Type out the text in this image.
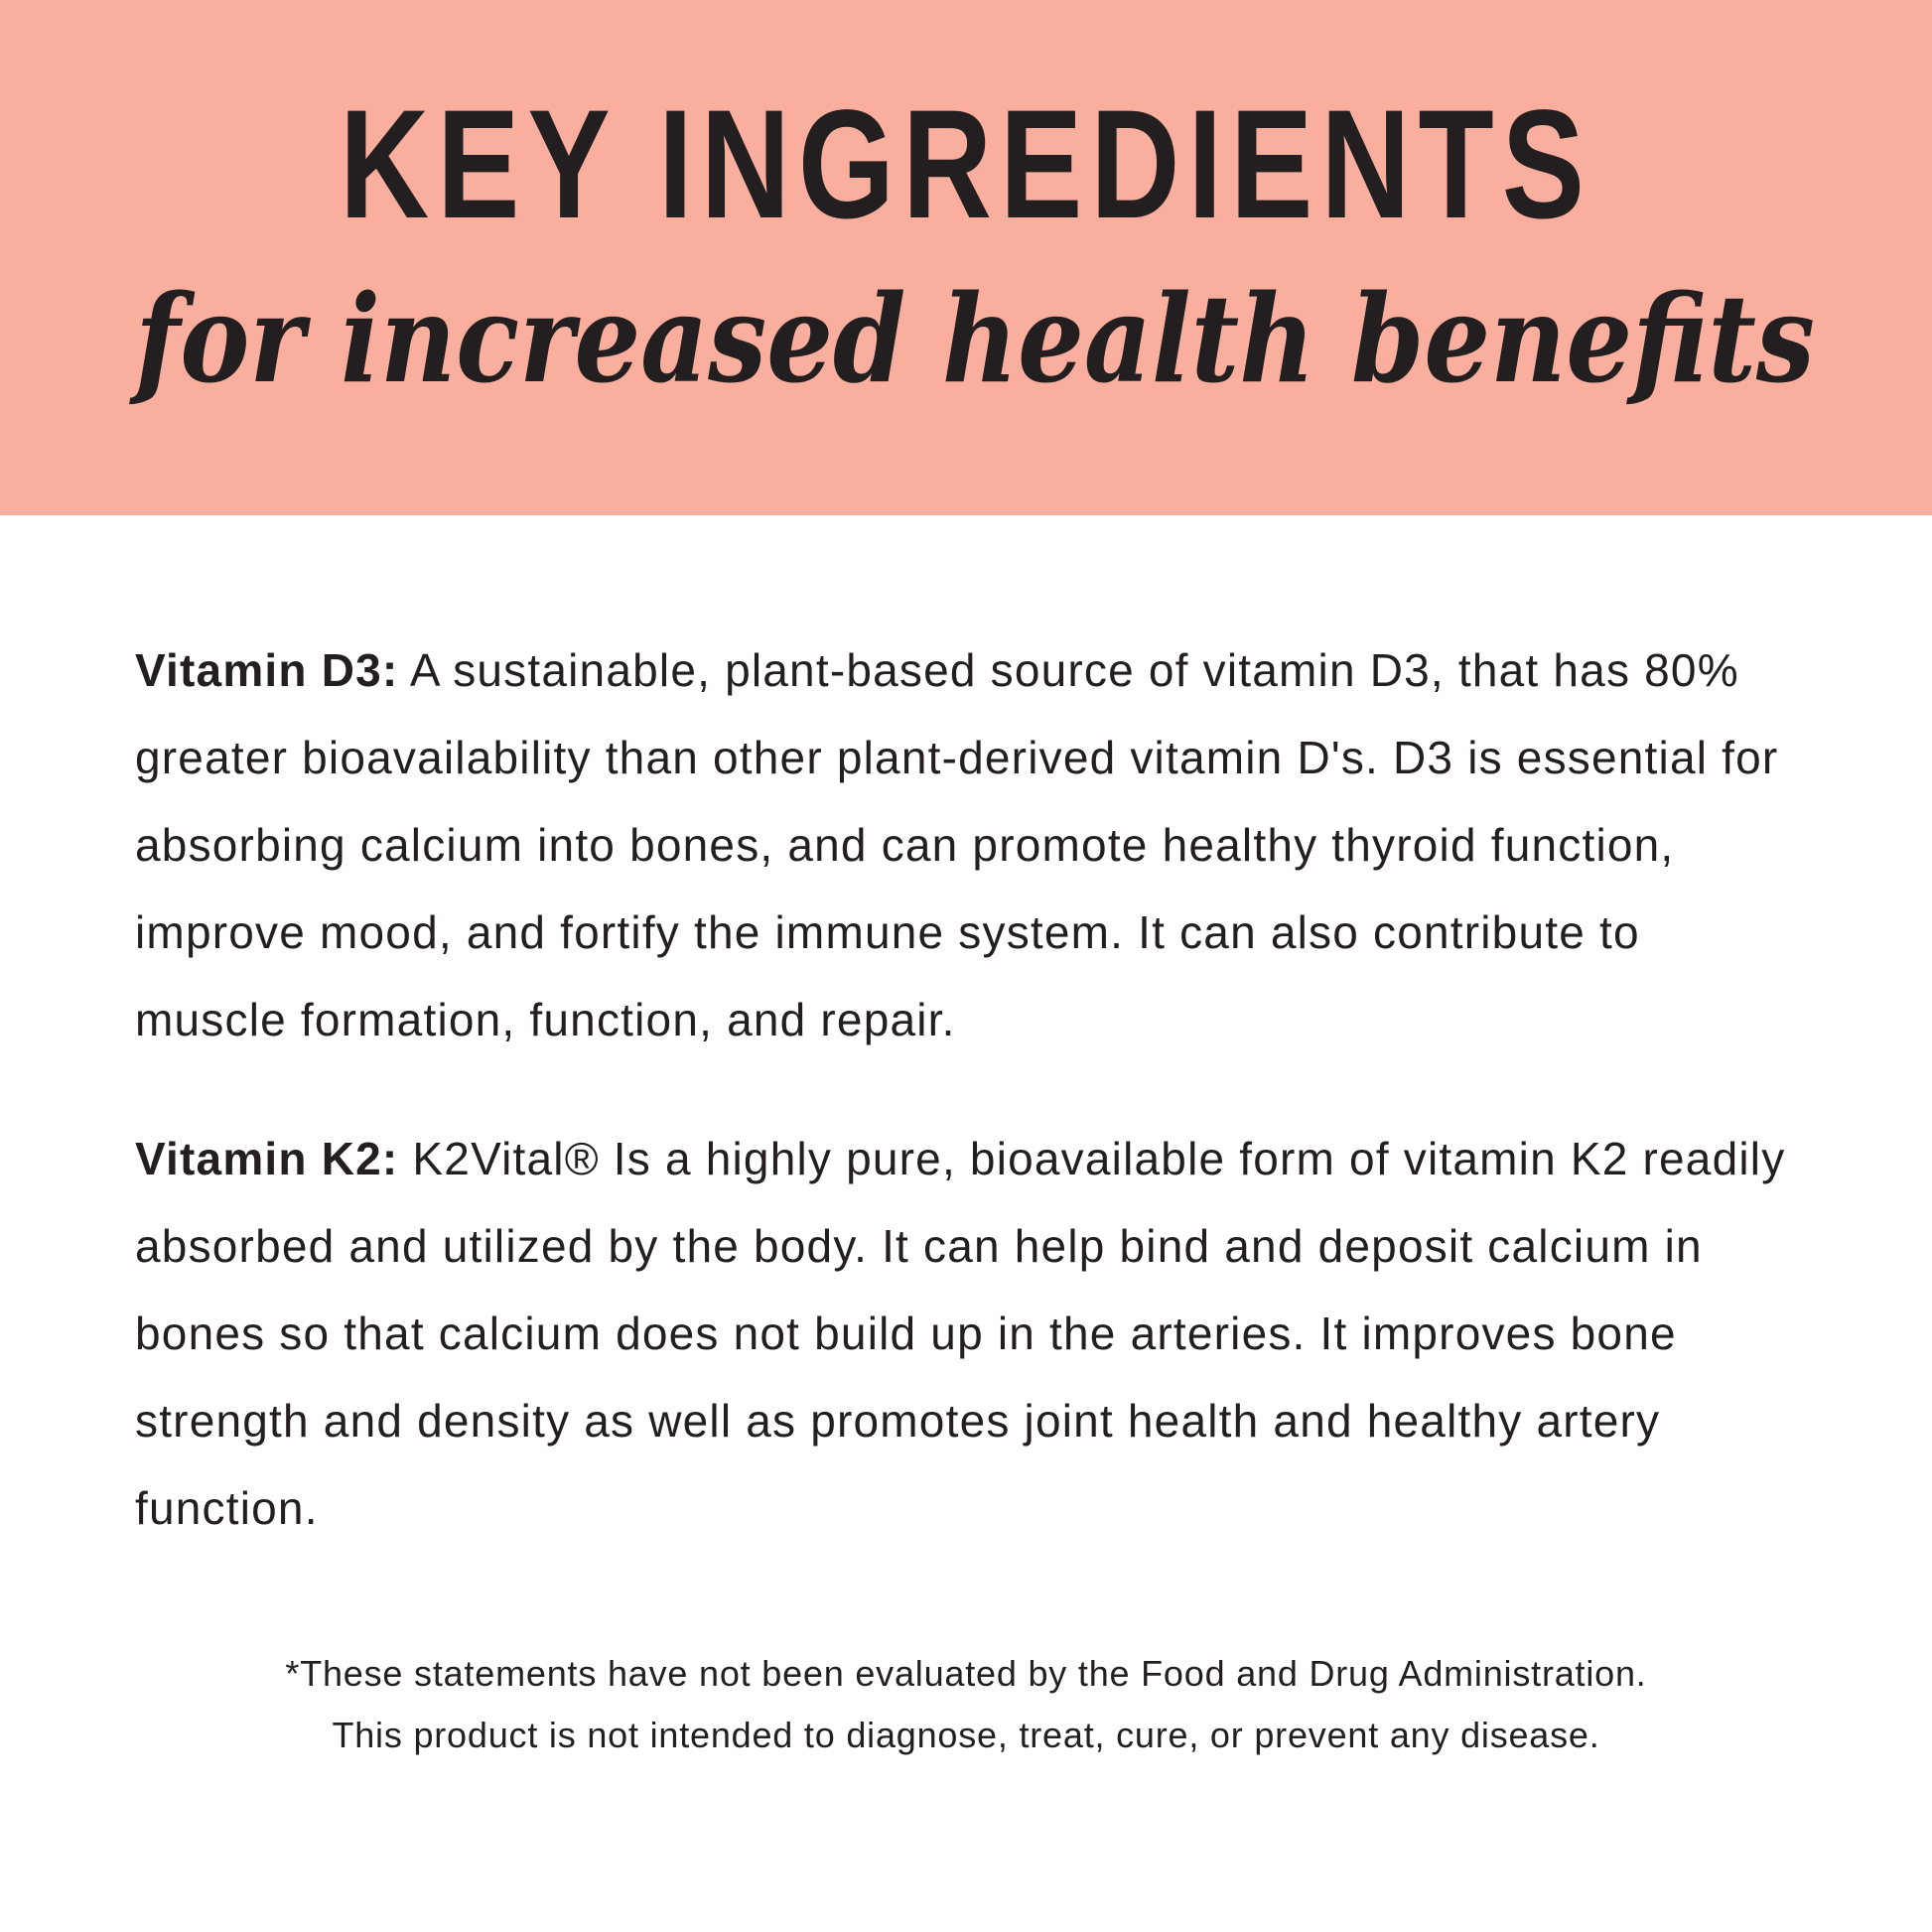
KEY INGREDIENTS
for increased health benefits

Vitamin D3: A sustainable, plant-based source of vitamin D3, that has 80% greater bioavailability than other plant-derived vitamin D's. D3 is essential for absorbing calcium into bones, and can promote healthy thyroid function, improve mood, and fortify the immune system. It can also contribute to muscle formation, function, and repair.

Vitamin K2: K2Vital® Is a highly pure, bioavailable form of vitamin K2 readily absorbed and utilized by the body. It can help bind and deposit calcium in bones so that calcium does not build up in the arteries. It improves bone strength and density as well as promotes joint health and healthy artery function.

*These statements have not been evaluated by the Food and Drug Administration.
This product is not intended to diagnose, treat, cure, or prevent any disease.
